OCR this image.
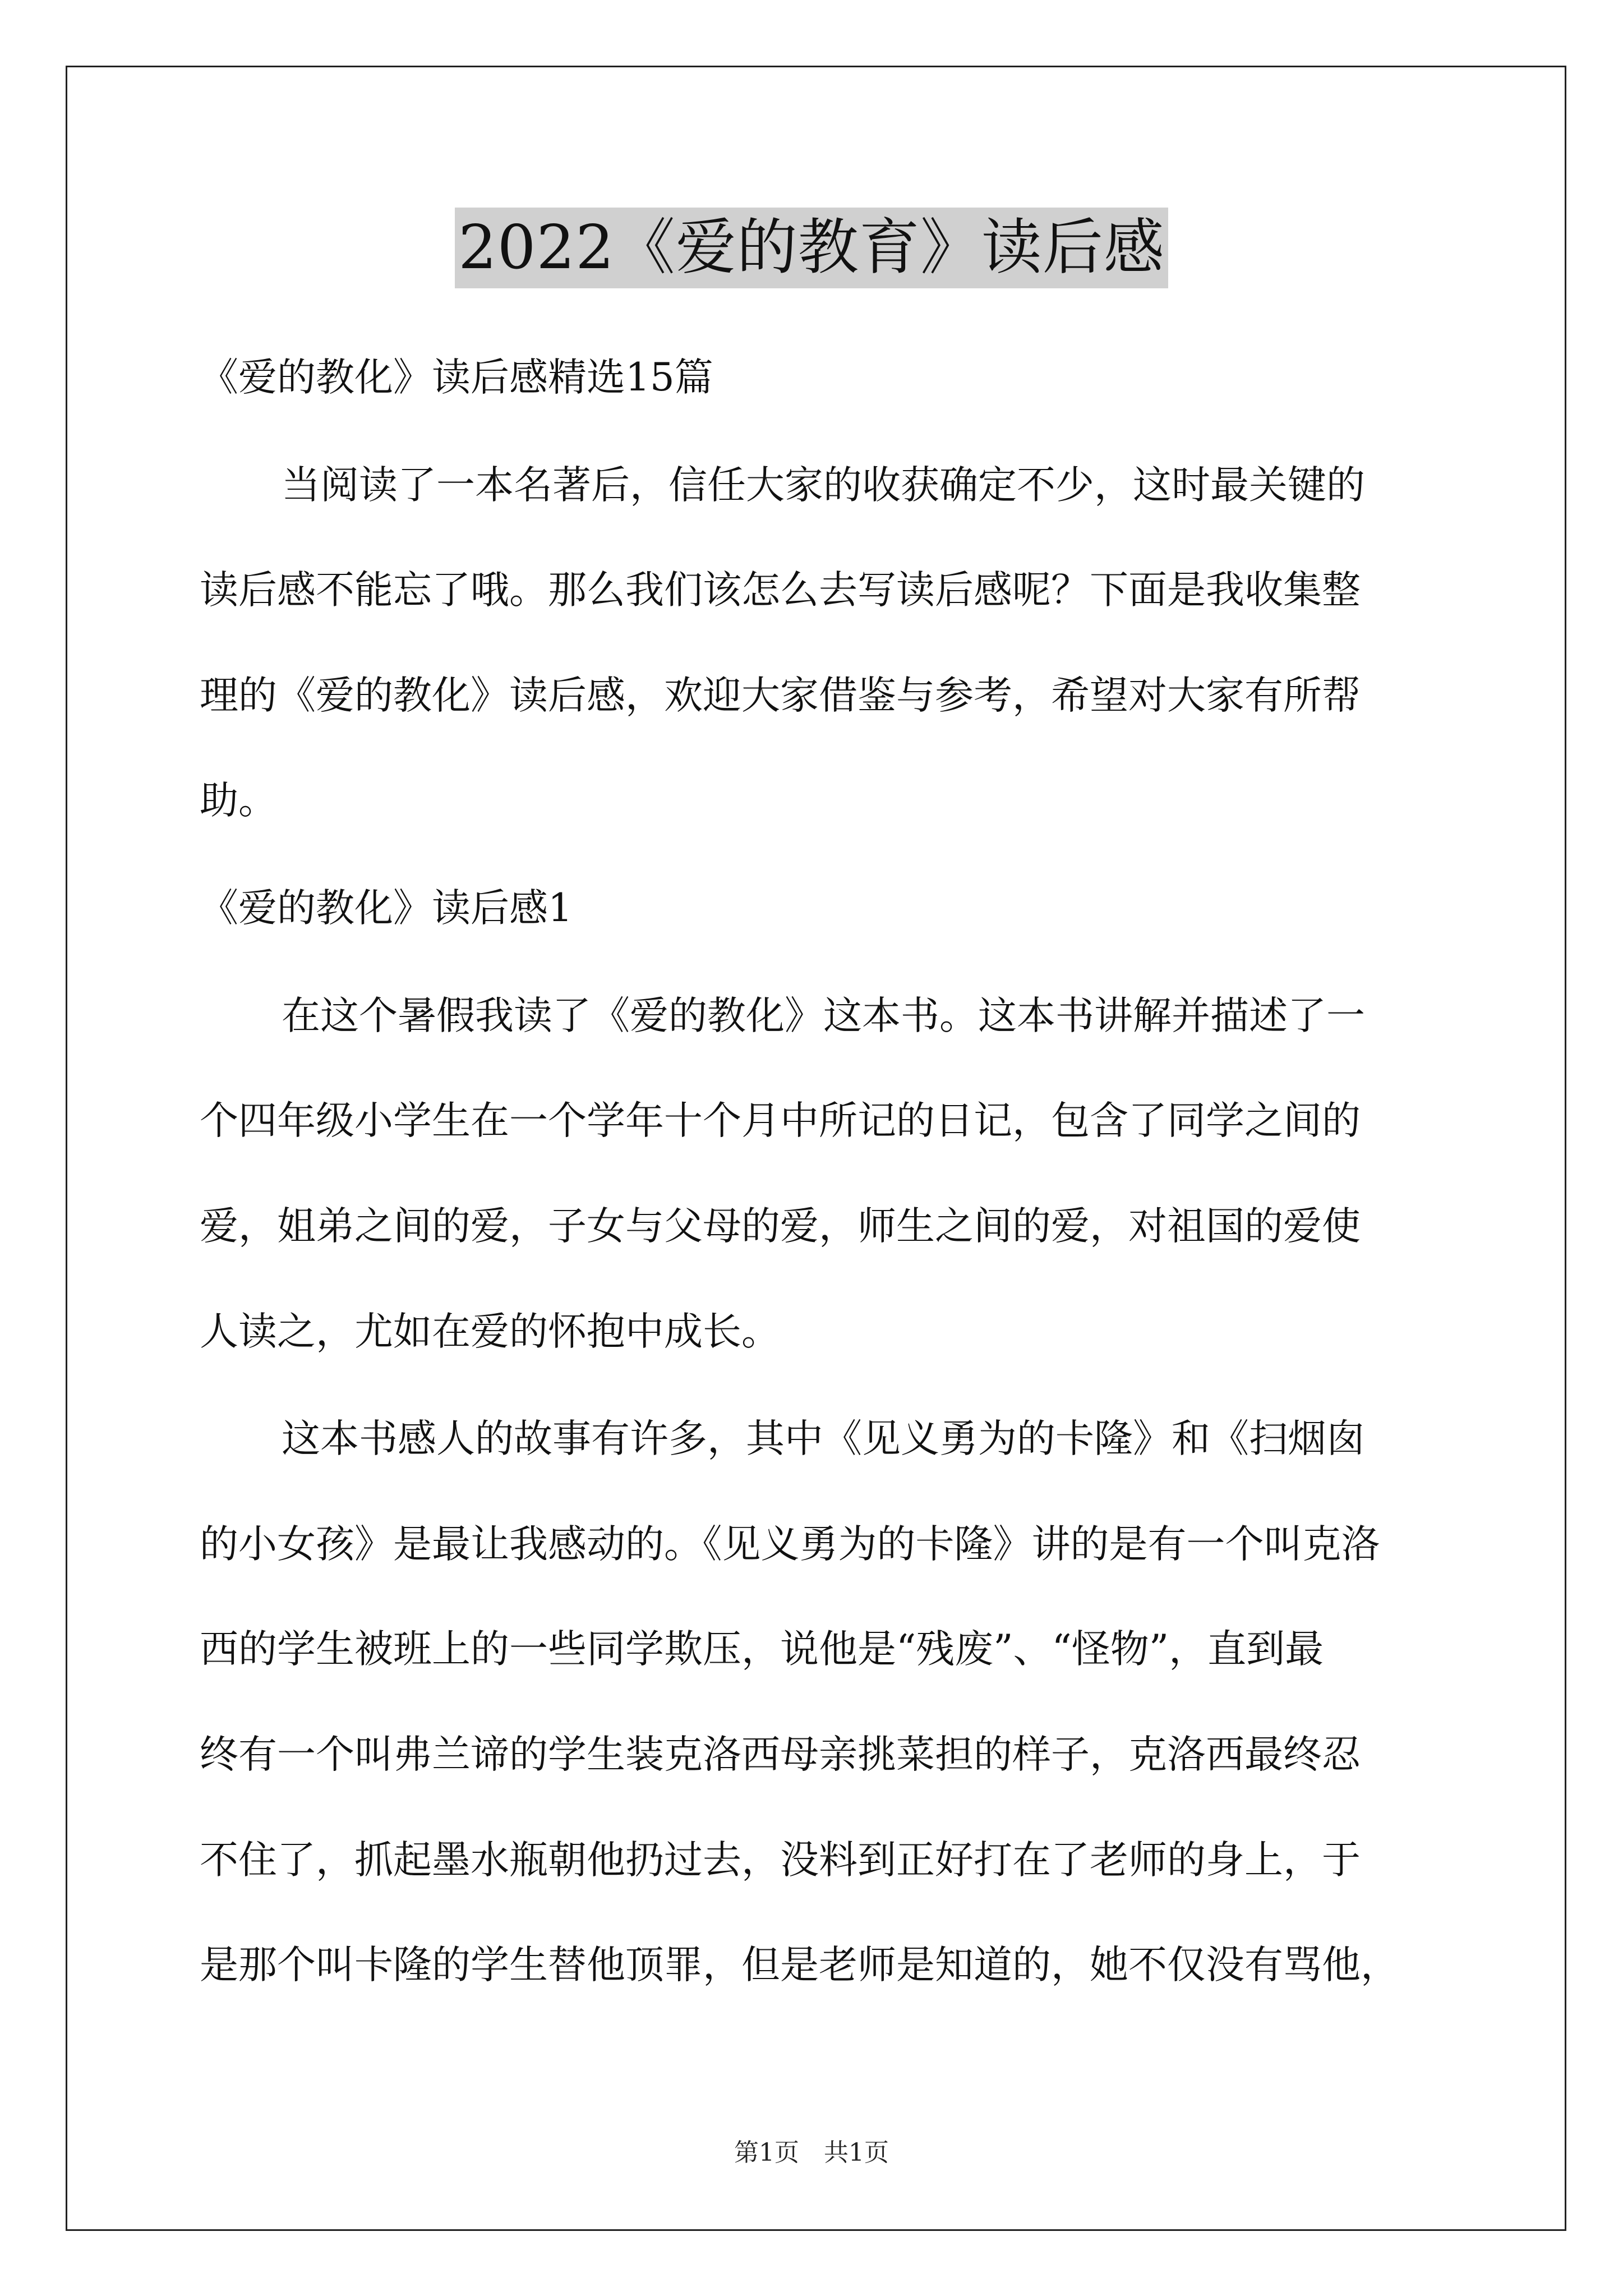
2022《爱的教育》读后感
《爱的教化》读后感精选15篇
当阅读了一本名著后，信任大家的收获确定不少，这时最关键的
读后感不能忘了哦。那么我们该怎么去写读后感呢？下面是我收集整
理的《爱的教化》读后感，欢迎大家借鉴与参考，希望对大家有所帮
助。
《爱的教化》读后感1
在这个暑假我读了《爱的教化》这本书。这本书讲解并描述了一
个四年级小学生在一个学年十个月中所记的日记，包含了同学之间的
爱，姐弟之间的爱，子女与父母的爱，师生之间的爱，对祖国的爱使
人读之，尤如在爱的怀抱中成长。
这本书感人的故事有许多，其中《见义勇为的卡隆》和《扫烟囱
的小女孩》是最让我感动的。《见义勇为的卡隆》讲的是有一个叫克洛
西的学生被班上的一些同学欺压，说他是“残废”、“怪物”，直到最
终有一个叫弗兰谛的学生装克洛西母亲挑菜担的样子，克洛西最终忍
不住了，抓起墨水瓶朝他扔过去，没料到正好打在了老师的身上，于
是那个叫卡隆的学生替他顶罪，但是老师是知道的，她不仅没有骂他，
第1页　共1页
